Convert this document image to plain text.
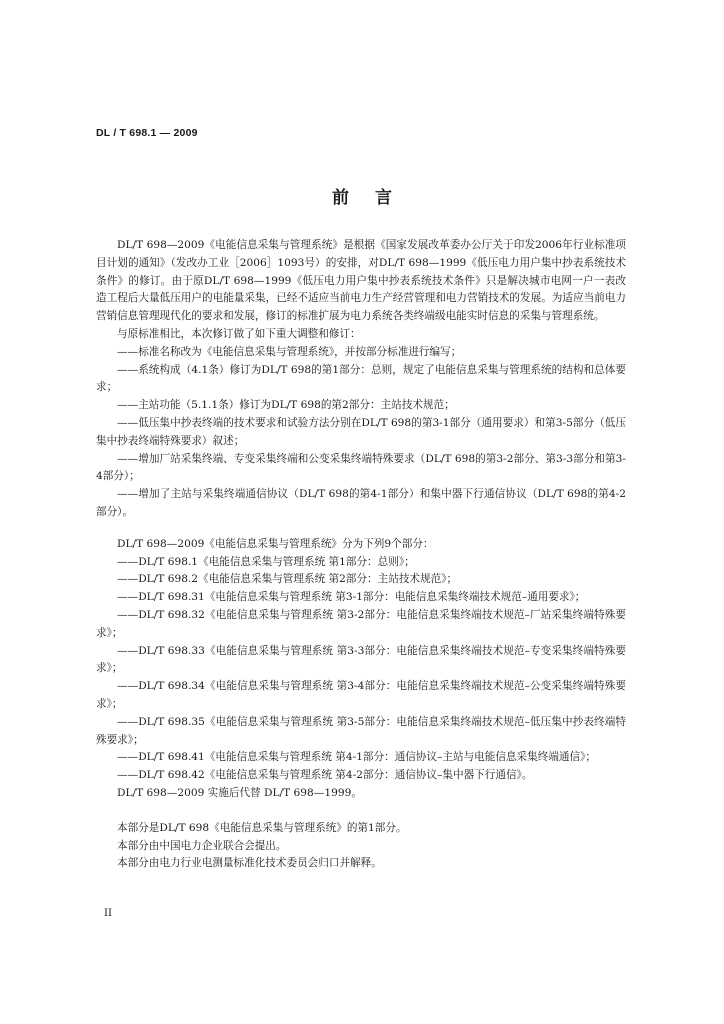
DL / T 698.1 — 2009
前言

DL/T 698—2009《电能信息采集与管理系统》是根据《国家发展改革委办公厅关于印发2006年行业标准项目计划的通知》（发改办工业［2006］1093号）的安排，对DL/T 698—1999《低压电力用户集中抄表系统技术条件》的修订。由于原DL/T 698—1999《低压电力用户集中抄表系统技术条件》只是解决城市电网一户一表改造工程后大量低压用户的电能量采集，已经不适应当前电力生产经营管理和电力营销技术的发展。为适应当前电力营销信息管理现代化的要求和发展，修订的标准扩展为电力系统各类终端级电能实时信息的采集与管理系统。

与原标准相比，本次修订做了如下重大调整和修订：

——标准名称改为《电能信息采集与管理系统》，并按部分标准进行编写；

——系统构成（4.1条）修订为DL/T 698的第1部分：总则，规定了电能信息采集与管理系统的结构和总体要求；

——主站功能（5.1.1条）修订为DL/T 698的第2部分：主站技术规范；

——低压集中抄表终端的技术要求和试验方法分别在DL/T 698的第3-1部分（通用要求）和第3-5部分（低压集中抄表终端特殊要求）叙述；

——增加厂站采集终端、专变采集终端和公变采集终端特殊要求（DL/T 698的第3-2部分、第3-3部分和第3-4部分）；

——增加了主站与采集终端通信协议（DL/T 698的第4-1部分）和集中器下行通信协议（DL/T 698的第4-2部分）。

DL/T 698—2009《电能信息采集与管理系统》分为下列9个部分：

——DL/T 698.1《电能信息采集与管理系统 第1部分：总则》；

——DL/T 698.2《电能信息采集与管理系统 第2部分：主站技术规范》；

——DL/T 698.31《电能信息采集与管理系统 第3-1部分：电能信息采集终端技术规范–通用要求》；

——DL/T 698.32《电能信息采集与管理系统 第3-2部分：电能信息采集终端技术规范–厂站采集终端特殊要求》；

——DL/T 698.33《电能信息采集与管理系统 第3-3部分：电能信息采集终端技术规范–专变采集终端特殊要求》；

——DL/T 698.34《电能信息采集与管理系统 第3-4部分：电能信息采集终端技术规范–公变采集终端特殊要求》；

——DL/T 698.35《电能信息采集与管理系统 第3-5部分：电能信息采集终端技术规范–低压集中抄表终端特殊要求》；

——DL/T 698.41《电能信息采集与管理系统 第4-1部分：通信协议–主站与电能信息采集终端通信》；

——DL/T 698.42《电能信息采集与管理系统 第4-2部分：通信协议–集中器下行通信》。

DL/T 698—2009 实施后代替 DL/T 698—1999。

本部分是DL/T 698《电能信息采集与管理系统》的第1部分。

本部分由中国电力企业联合会提出。

本部分由电力行业电测量标准化技术委员会归口并解释。

II
